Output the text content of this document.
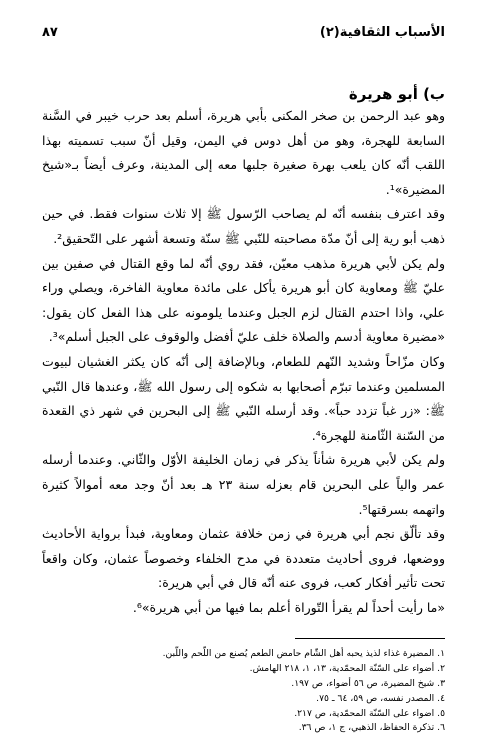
الأسباب الثقافية(٢)
٨٧
ب) أبو هريرة

وهو عبد الرحمن بن صخر المكنى بأبي هريرة، أسلم بعد حرب خيبر في السَّنة السابعة للهجرة، وهو من أهل دوس في اليمن، وقيل أنّ سبب تسميته بهذا اللقب أنّه كان يلعب بهرة صغيرة جلبها معه إلى المدينة، وعرف أيضاً بـ«شيخ المضيرة»¹.

وقد اعترف بنفسه أنّه لم يصاحب الرّسول ﷺ إلا ثلاث سنوات فقط. في حين ذهب أبو رية إلى أنّ مدّة مصاحبته للنّبي ﷺ سنّة وتسعة أشهر على التّحقيق².

ولم يكن لأبي هريرة مذهب معيّن، فقد روي أنّه لما وقع القتال في صفين بين عليّ ﷺ ومعاوية كان أبو هريرة يأكل على مائدة معاوية الفاخرة، ويصلي وراء علي، واذا احتدم القتال لزم الجبل وعندما يلومونه على هذا الفعل كان يقول: «مضيرة معاوية أدسم والصلاة خلف عليّ أفضل والوقوف على الجبل أسلم»³.

وكان مزّاحاً وشديد النّهم للطعام، وبالإضافة إلى أنّه كان يكثر الغشيان لبيوت المسلمين وعندما تبرّم أصحابها به شكوه إلى رسول الله ﷺ، وعندها قال النّبي ﷺ: «زر غباً تزدد حباً». وقد أرسله النّبي ﷺ إلى البحرين في شهر ذي القعدة من السّنة الثّامنة للهجرة⁴.

ولم يكن لأبي هريرة شأناً يذكر في زمان الخليفة الأوّل والثّاني. وعندما أرسله عمر والياً على البحرين قام بعزله سنة ٢٣ هـ بعد أنّ وجد معه أموالاً كثيرة واتهمه بسرقتها⁵.

وقد تألّق نجم أبي هريرة في زمن خلافة عثمان ومعاوية، فبدأ برواية الأحاديث ووضعها، فروى أحاديث متعددة في مدح الخلفاء وخصوصاً عثمان، وكان واقعاً تحت تأثير أفكار كعب، فروى عنه أنّه قال في أبي هريرة:

«ما رأيت أحداً لم يقرأ التّوراة أعلم بما فيها من أبي هريرة»⁶.

١. المضيرة غذاء لذيذ يحبه أهل الشّام حامض الطعم يُصنع من اللّحم واللّبن.
٢. أضواء على السّنّة المحمّدية، ١٣، ١، ٢١٨ الهامش.
٣. شيخ المضيرة، ص ٥٦ أضواء، ص ١٩٧.
٤. المصدر نفسه، ص ٥٩، ٦٤ ـ ٧٥.
٥. اضواء على السّنّة المحمّدية، ص ٢١٧.
٦. تذكرة الحفاظ، الذهبي، ج ١، ص ٣٦.
